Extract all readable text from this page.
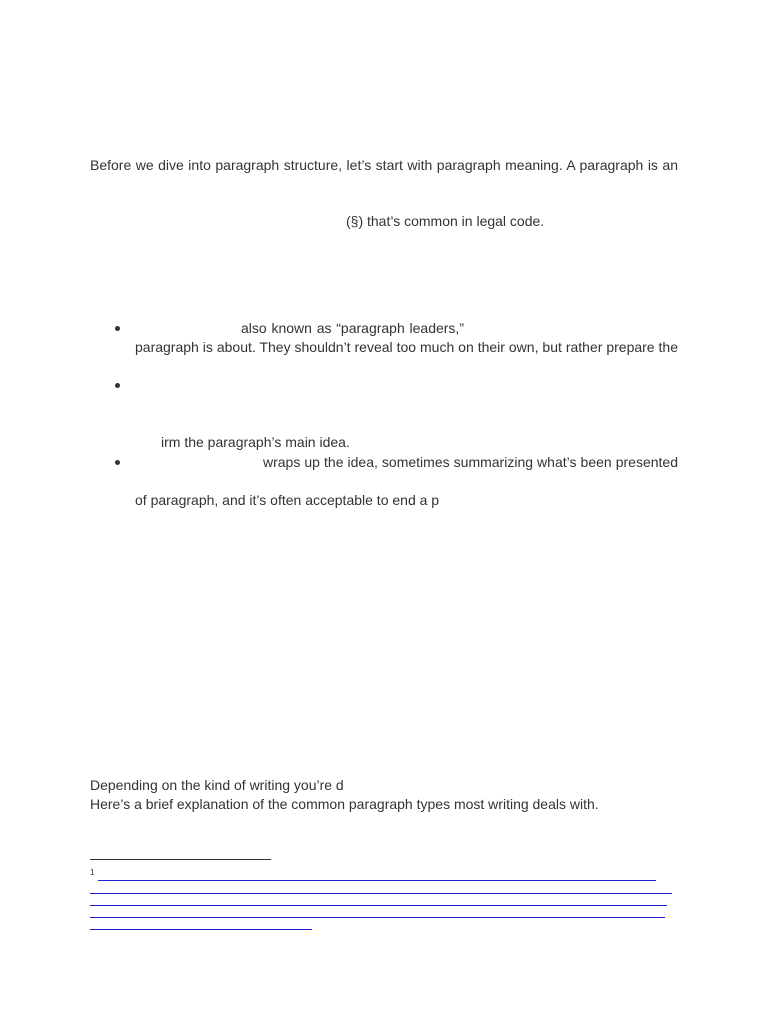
Before we dive into paragraph structure, let’s start with paragraph meaning. A paragraph is an
(§) that’s common in legal code.
also known as “paragraph leaders,”
paragraph is about. They shouldn’t reveal too much on their own, but rather prepare the
irm the paragraph’s main idea.
wraps up the idea, sometimes summarizing what’s been presented
of paragraph, and it’s often acceptable to end a p
Depending on the kind of writing you’re d
Here’s a brief explanation of the common paragraph types most writing deals with.
1
